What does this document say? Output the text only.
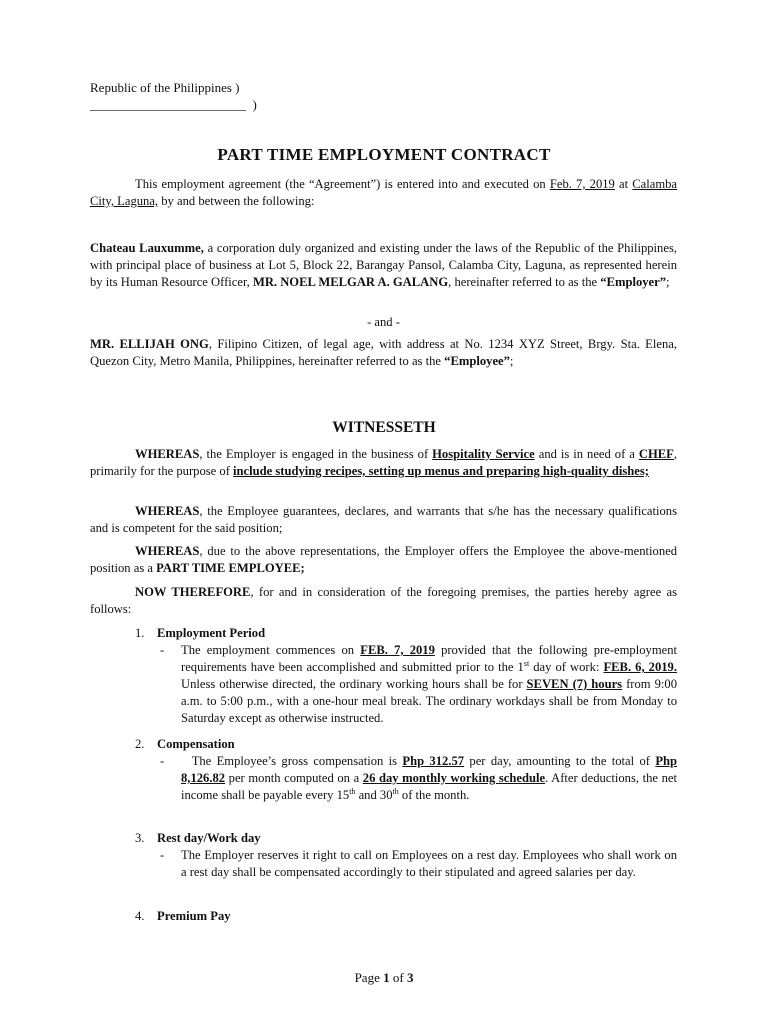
Republic of the Philippines )
________________________  )
PART TIME EMPLOYMENT CONTRACT
This employment agreement (the “Agreement”) is entered into and executed on Feb. 7, 2019 at Calamba City, Laguna, by and between the following:
Chateau Lauxumme, a corporation duly organized and existing under the laws of the Republic of the Philippines, with principal place of business at Lot 5, Block 22, Barangay Pansol, Calamba City, Laguna, as represented herein by its Human Resource Officer, MR. NOEL MELGAR A. GALANG, hereinafter referred to as the “Employer”;
- and -
MR. ELLIJAH ONG, Filipino Citizen, of legal age, with address at No. 1234 XYZ Street, Brgy. Sta. Elena, Quezon City, Metro Manila, Philippines, hereinafter referred to as the “Employee”;
WITNESSETH
WHEREAS, the Employer is engaged in the business of Hospitality Service and is in need of a CHEF, primarily for the purpose of include studying recipes, setting up menus and preparing high-quality dishes;
WHEREAS, the Employee guarantees, declares, and warrants that s/he has the necessary qualifications and is competent for the said position;
WHEREAS, due to the above representations, the Employer offers the Employee the above-mentioned position as a PART TIME EMPLOYEE;
NOW THEREFORE, for and in consideration of the foregoing premises, the parties hereby agree as follows:
1. Employment Period
- The employment commences on FEB. 7, 2019 provided that the following pre-employment requirements have been accomplished and submitted prior to the 1st day of work: FEB. 6, 2019. Unless otherwise directed, the ordinary working hours shall be for SEVEN (7) hours from 9:00 a.m. to 5:00 p.m., with a one-hour meal break. The ordinary workdays shall be from Monday to Saturday except as otherwise instructed.
2. Compensation
-	The Employee’s gross compensation is Php 312.57 per day, amounting to the total of Php 8,126.82 per month computed on a 26 day monthly working schedule. After deductions, the net income shall be payable every 15th and 30th of the month.
3. Rest day/Work day
- The Employer reserves it right to call on Employees on a rest day. Employees who shall work on a rest day shall be compensated accordingly to their stipulated and agreed salaries per day.
4. Premium Pay
Page 1 of 3
